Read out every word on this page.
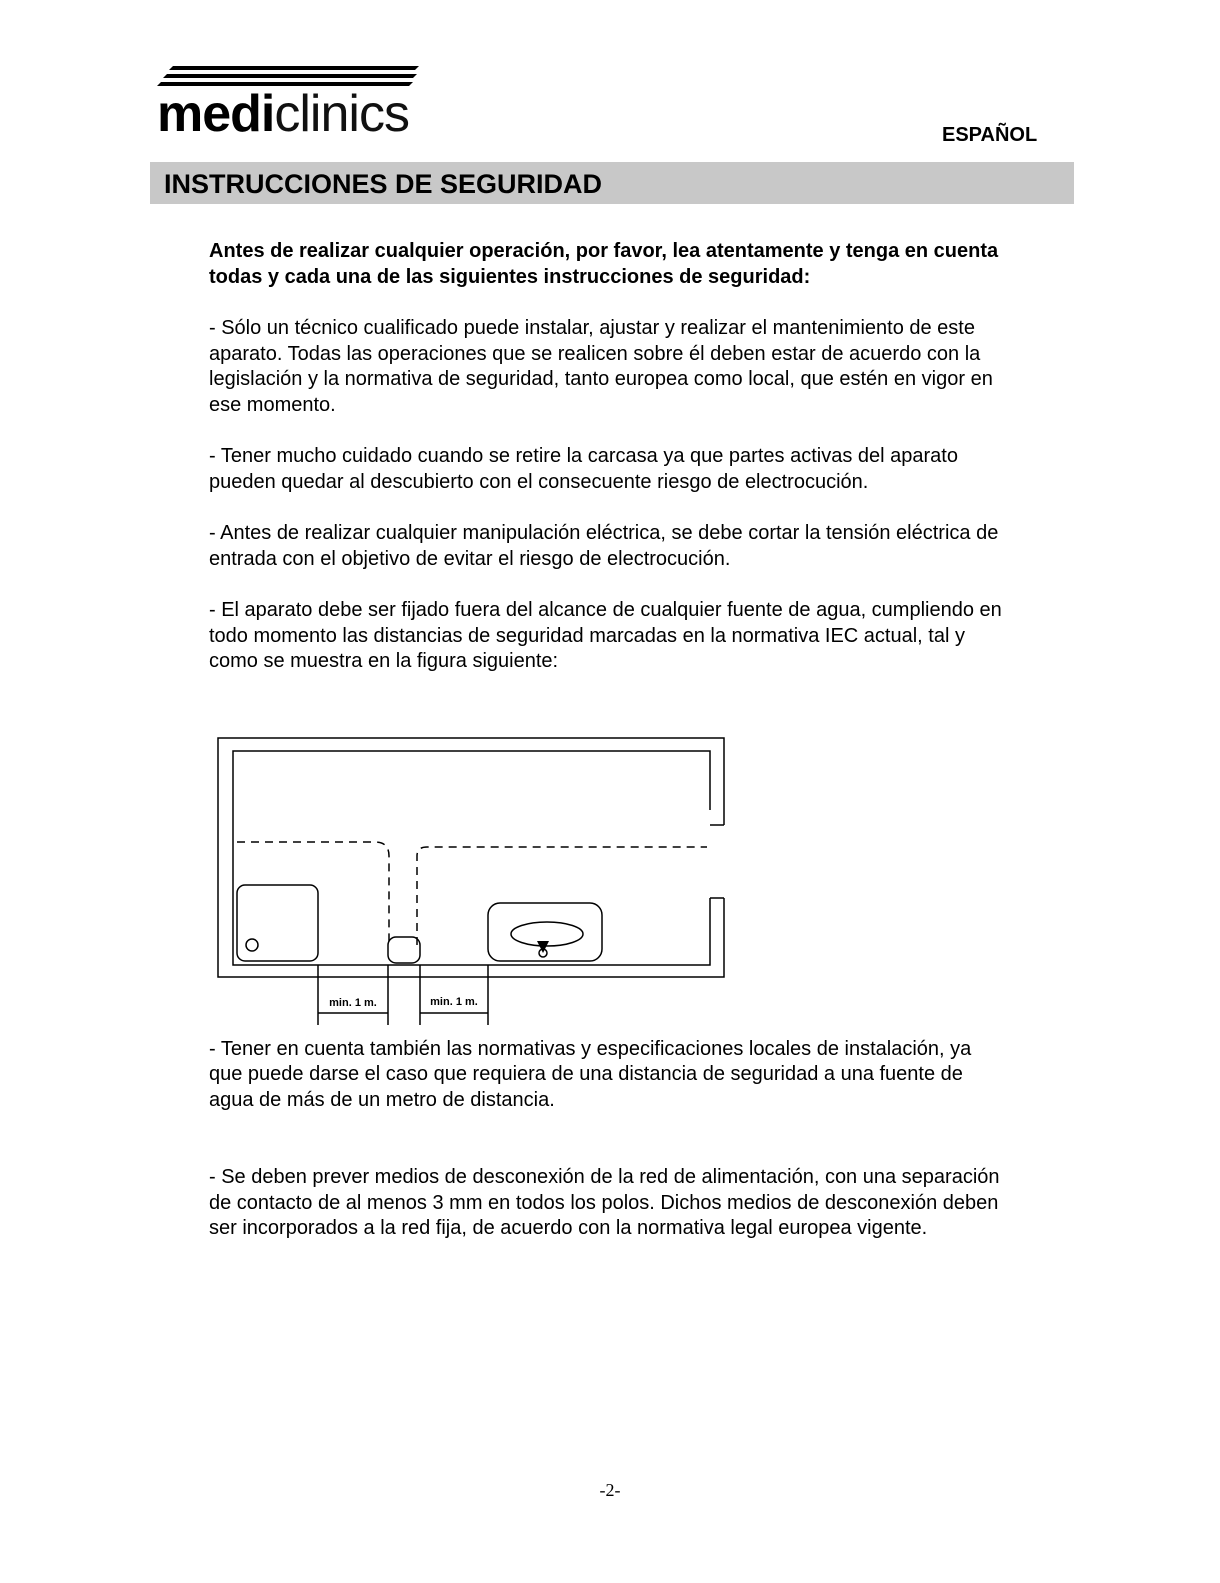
mediclinics	ESPAÑOL
INSTRUCCIONES DE SEGURIDAD

Antes de realizar cualquier operación, por favor, lea atentamente y tenga en cuenta todas y cada una de las siguientes instrucciones de seguridad:

- Sólo un técnico cualificado puede instalar, ajustar y realizar el mantenimiento de este aparato. Todas las operaciones que se realicen sobre él deben estar de acuerdo con la legislación y la normativa de seguridad, tanto europea como local, que estén en vigor en ese momento.

- Tener mucho cuidado cuando se retire la carcasa ya que partes activas del aparato pueden quedar al descubierto con el consecuente riesgo de electrocución.

- Antes de realizar cualquier manipulación eléctrica, se debe cortar la tensión eléctrica de entrada con el objetivo de evitar el riesgo de electrocución.

- El aparato debe ser fijado fuera del alcance de cualquier fuente de agua, cumpliendo en todo momento las distancias de seguridad marcadas en la normativa IEC actual, tal y como se muestra en la figura siguiente:

- Tener en cuenta también las normativas y especificaciones locales de instalación, ya que puede darse el caso que requiera de una distancia de seguridad a una fuente de agua de más de un metro de distancia.

- Se deben prever medios de desconexión de la red de alimentación, con una separación de contacto de al menos 3 mm en todos los polos. Dichos medios de desconexión deben ser incorporados a la red fija, de acuerdo con la normativa legal europea vigente.

min. 1 m.	min. 1 m.
-2-
